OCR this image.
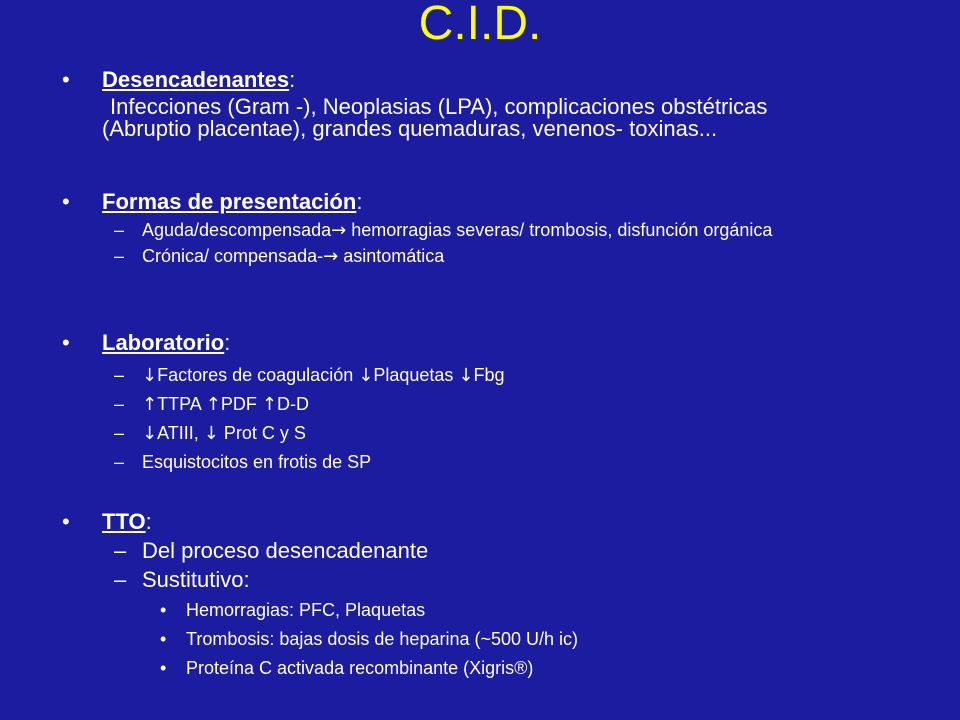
C.I.D.

•	Desencadenantes:

Infecciones (Gram -), Neoplasias (LPA), complicaciones obstétricas

(Abruptio placentae), grandes quemaduras, venenos- toxinas...

•	Formas de presentación:

– Aguda/descompensada→ hemorragias severas/ trombosis, disfunción orgánica

– Crónica/ compensada-→ asintomática

•	Laboratorio:

– ↓Factores de coagulación ↓Plaquetas ↓Fbg

– ↑TTPA ↑PDF ↑D-D

– ↓ATIII, ↓ Prot C y S

– Esquistocitos en frotis de SP

•	TTO:

– Del proceso desencadenante

– Sustitutivo:

•	Hemorragias: PFC, Plaquetas

•	Trombosis: bajas dosis de heparina (~500 U/h ic)

•	Proteína C activada recombinante (Xigris®)
